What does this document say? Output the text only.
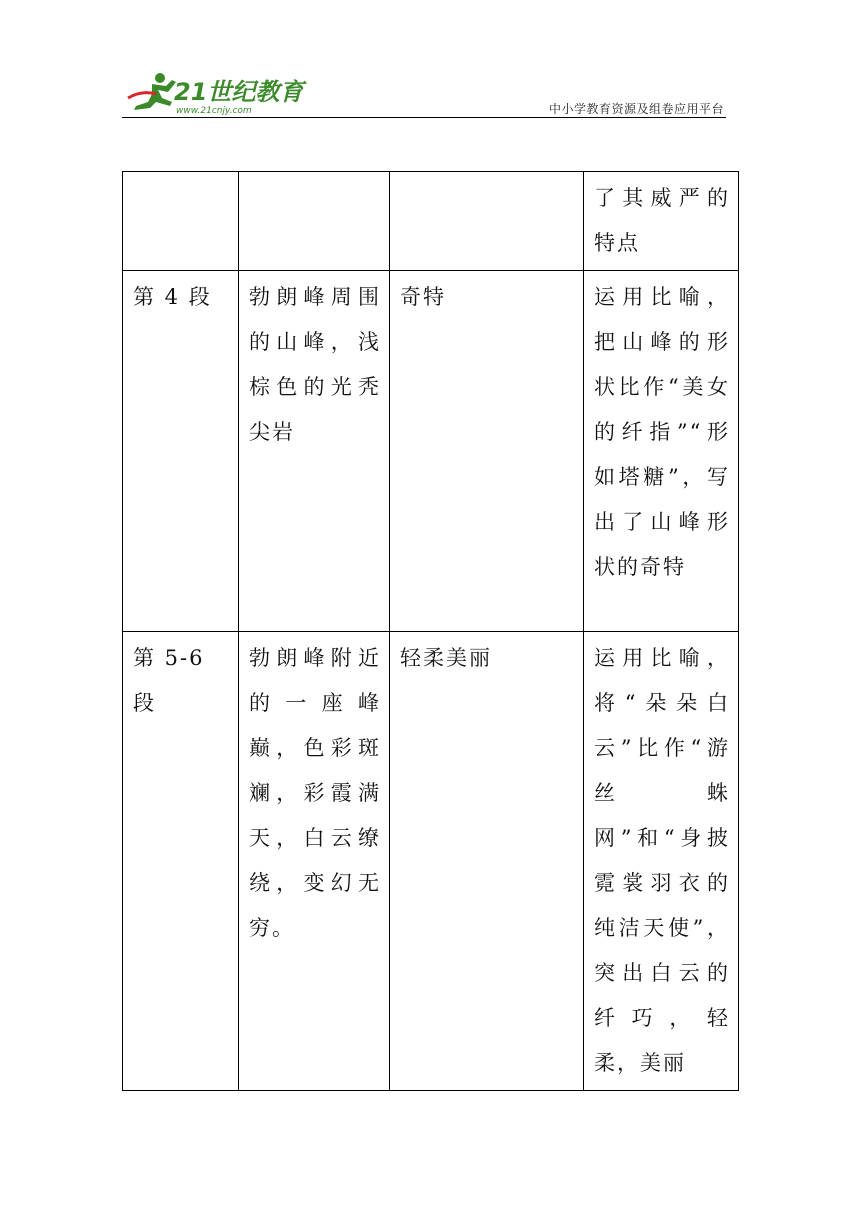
21世纪教育
www.21cnjy.com	中小学教育资源及组卷应用平台
			了其威严的特点
第 4 段	勃朗峰周围的山峰，浅棕色的光秃尖岩	奇特	运用比喻，把山峰的形状比作“美女的纤指”“形如塔糖”，写出了山峰形状的奇特
第 5-6 段	勃朗峰附近的一座峰巅，色彩斑斓，彩霞满天，白云缭绕，变幻无穷。	轻柔美丽	运用比喻，将“朵朵白云”比作“游丝蛛网”和“身披霓裳羽衣的纯洁天使”，突出白云的纤巧，轻柔，美丽
